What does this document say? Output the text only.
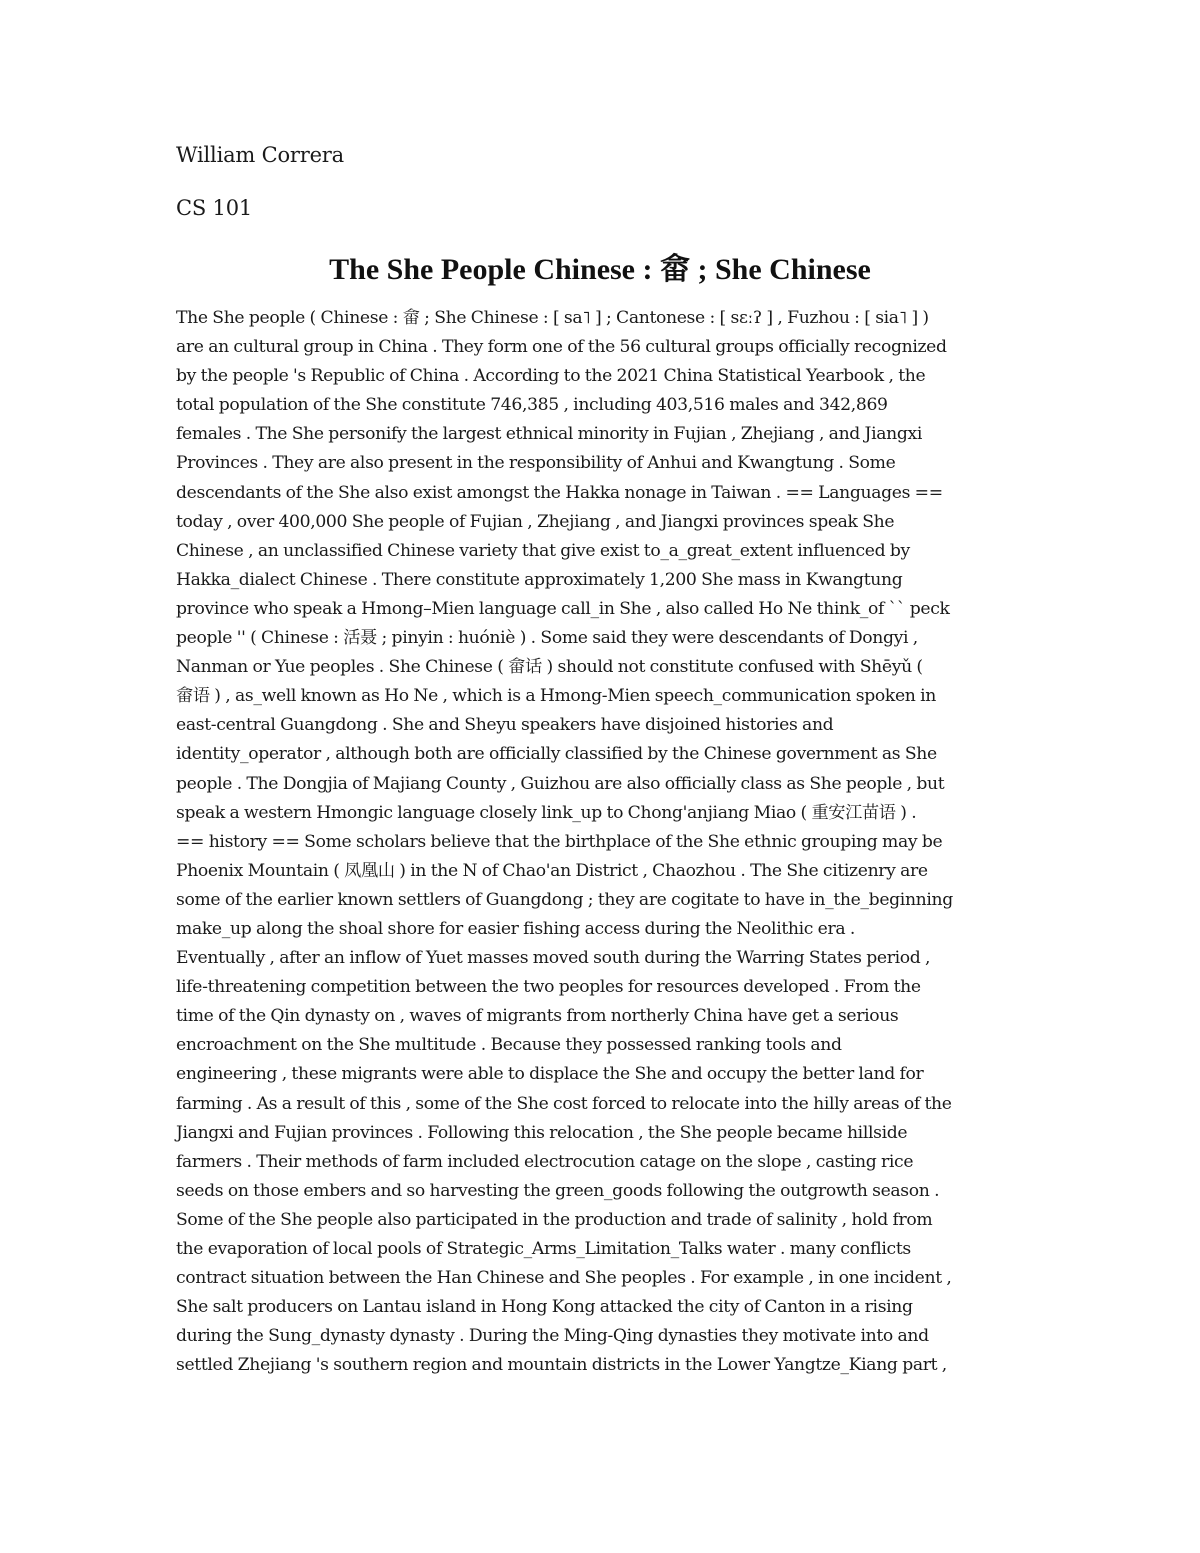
William Correra
CS 101
The She People Chinese : 畲 ; She Chinese
The She people ( Chinese : 畲 ; She Chinese : [ sa˥ ] ; Cantonese : [ sɛːʔ ] , Fuzhou : [ sia˥ ] )
are an cultural group in China . They form one of the 56 cultural groups officially recognized
by the people 's Republic of China . According to the 2021 China Statistical Yearbook , the
total population of the She constitute 746,385 , including 403,516 males and 342,869
females . The She personify the largest ethnical minority in Fujian , Zhejiang , and Jiangxi
Provinces . They are also present in the responsibility of Anhui and Kwangtung . Some
descendants of the She also exist amongst the Hakka nonage in Taiwan . == Languages ==
today , over 400,000 She people of Fujian , Zhejiang , and Jiangxi provinces speak She
Chinese , an unclassified Chinese variety that give exist to_a_great_extent influenced by
Hakka_dialect Chinese . There constitute approximately 1,200 She mass in Kwangtung
province who speak a Hmong–Mien language call_in She , also called Ho Ne think_of `` peck
people '' ( Chinese : 活聂 ; pinyin : huóniè ) . Some said they were descendants of Dongyi ,
Nanman or Yue peoples . She Chinese ( 畲话 ) should not constitute confused with Shēyǔ (
畲语 ) , as_well known as Ho Ne , which is a Hmong-Mien speech_communication spoken in
east-central Guangdong . She and Sheyu speakers have disjoined histories and
identity_operator , although both are officially classified by the Chinese government as She
people . The Dongjia of Majiang County , Guizhou are also officially class as She people , but
speak a western Hmongic language closely link_up to Chong'anjiang Miao ( 重安江苗语 ) .
== history == Some scholars believe that the birthplace of the She ethnic grouping may be
Phoenix Mountain ( 凤凰山 ) in the N of Chao'an District , Chaozhou . The She citizenry are
some of the earlier known settlers of Guangdong ; they are cogitate to have in_the_beginning
make_up along the shoal shore for easier fishing access during the Neolithic era .
Eventually , after an inflow of Yuet masses moved south during the Warring States period ,
life-threatening competition between the two peoples for resources developed . From the
time of the Qin dynasty on , waves of migrants from northerly China have get a serious
encroachment on the She multitude . Because they possessed ranking tools and
engineering , these migrants were able to displace the She and occupy the better land for
farming . As a result of this , some of the She cost forced to relocate into the hilly areas of the
Jiangxi and Fujian provinces . Following this relocation , the She people became hillside
farmers . Their methods of farm included electrocution catage on the slope , casting rice
seeds on those embers and so harvesting the green_goods following the outgrowth season .
Some of the She people also participated in the production and trade of salinity , hold from
the evaporation of local pools of Strategic_Arms_Limitation_Talks water . many conflicts
contract situation between the Han Chinese and She peoples . For example , in one incident ,
She salt producers on Lantau island in Hong Kong attacked the city of Canton in a rising
during the Sung_dynasty dynasty . During the Ming-Qing dynasties they motivate into and
settled Zhejiang 's southern region and mountain districts in the Lower Yangtze_Kiang part ,
